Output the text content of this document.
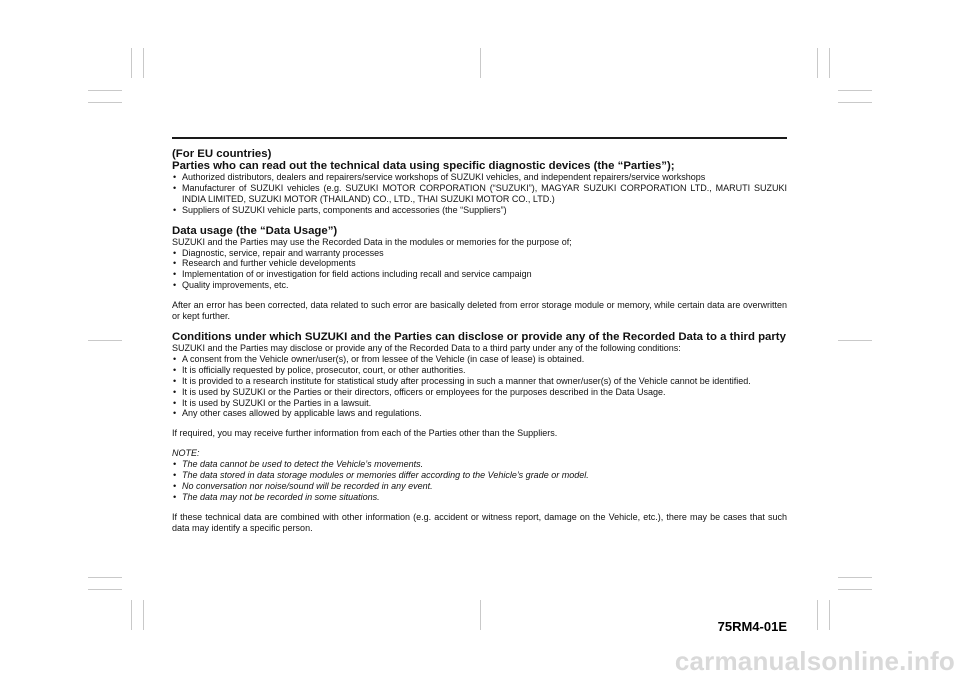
(For EU countries)

Parties who can read out the technical data using specific diagnostic devices (the “Parties”);

• Authorized distributors, dealers and repairers/service workshops of SUZUKI vehicles, and independent repairers/service workshops
• Manufacturer of SUZUKI vehicles (e.g. SUZUKI MOTOR CORPORATION (“SUZUKI”), MAGYAR SUZUKI CORPORATION LTD., MARUTI SUZUKI INDIA LIMITED, SUZUKI MOTOR (THAILAND) CO., LTD., THAI SUZUKI MOTOR CO., LTD.)
• Suppliers of SUZUKI vehicle parts, components and accessories (the “Suppliers”)

Data usage (the “Data Usage”)

SUZUKI and the Parties may use the Recorded Data in the modules or memories for the purpose of;

• Diagnostic, service, repair and warranty processes
• Research and further vehicle developments
• Implementation of or investigation for field actions including recall and service campaign
• Quality improvements, etc.

After an error has been corrected, data related to such error are basically deleted from error storage module or memory, while certain data are overwritten or kept further.

Conditions under which SUZUKI and the Parties can disclose or provide any of the Recorded Data to a third party

SUZUKI and the Parties may disclose or provide any of the Recorded Data to a third party under any of the following conditions:

• A consent from the Vehicle owner/user(s), or from lessee of the Vehicle (in case of lease) is obtained.
• It is officially requested by police, prosecutor, court, or other authorities.
• It is provided to a research institute for statistical study after processing in such a manner that owner/user(s) of the Vehicle cannot be identified.
• It is used by SUZUKI or the Parties or their directors, officers or employees for the purposes described in the Data Usage.
• It is used by SUZUKI or the Parties in a lawsuit.
• Any other cases allowed by applicable laws and regulations.

If required, you may receive further information from each of the Parties other than the Suppliers.

NOTE:

• The data cannot be used to detect the Vehicle’s movements.
• The data stored in data storage modules or memories differ according to the Vehicle’s grade or model.
• No conversation nor noise/sound will be recorded in any event.
• The data may not be recorded in some situations.

If these technical data are combined with other information (e.g. accident or witness report, damage on the Vehicle, etc.), there may be cases that such data may identify a specific person.

75RM4-01E
carmanualsonline.info
